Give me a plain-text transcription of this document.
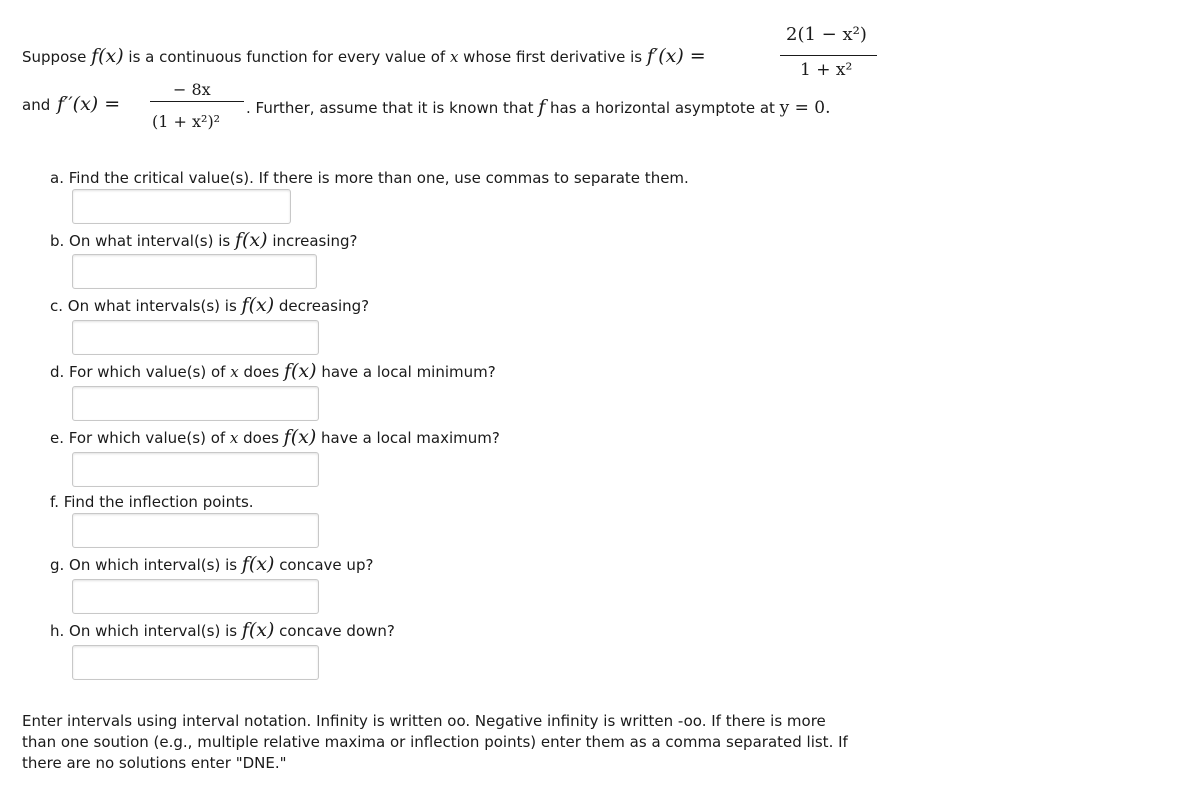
Suppose f(x) is a continuous function for every value of x whose first derivative is f′(x) =
2(1 − x²)
1 + x²
and f′′(x) =
− 8x
(1 + x²)²
. Further, assume that it is known that f has a horizontal asymptote at y = 0.
a. Find the critical value(s). If there is more than one, use commas to separate them.
b. On what interval(s) is f(x) increasing?
c. On what intervals(s) is f(x) decreasing?
d. For which value(s) of x does f(x) have a local minimum?
e. For which value(s) of x does f(x) have a local maximum?
f. Find the inflection points.
g. On which interval(s) is f(x) concave up?
h. On which interval(s) is f(x) concave down?
Enter intervals using interval notation. Infinity is written oo. Negative infinity is written -oo. If there is more than one soution (e.g., multiple relative maxima or inflection points) enter them as a comma separated list. If there are no solutions enter "DNE."
